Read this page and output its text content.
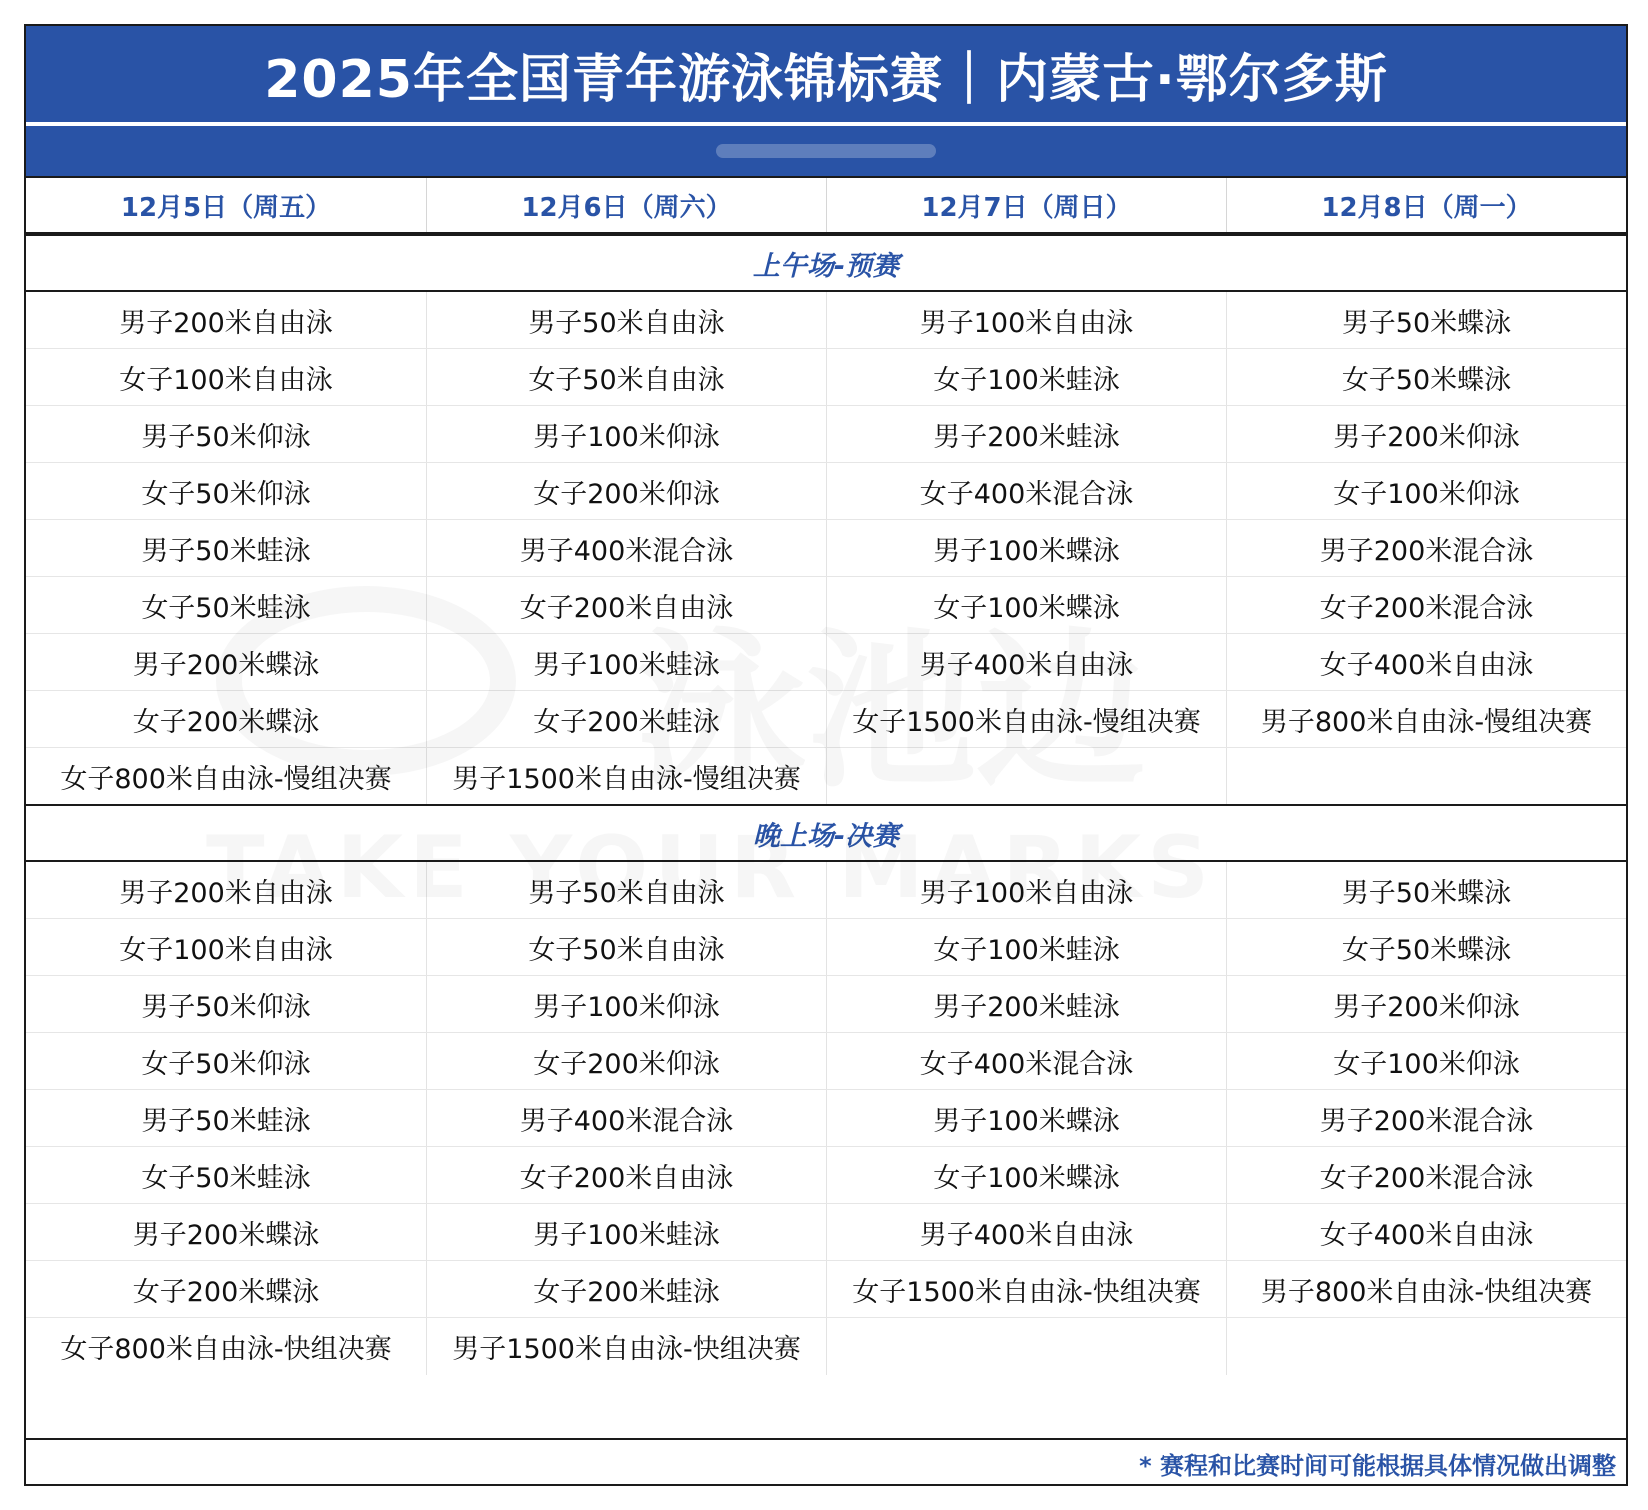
2025年全国青年游泳锦标赛｜内蒙古·鄂尔多斯
12月5日（周五）	12月6日（周六）	12月7日（周日）	12月8日（周一）
上午场-预赛
男子200米自由泳	男子50米自由泳	男子100米自由泳	男子50米蝶泳
女子100米自由泳	女子50米自由泳	女子100米蛙泳	女子50米蝶泳
男子50米仰泳	男子100米仰泳	男子200米蛙泳	男子200米仰泳
女子50米仰泳	女子200米仰泳	女子400米混合泳	女子100米仰泳
男子50米蛙泳	男子400米混合泳	男子100米蝶泳	男子200米混合泳
女子50米蛙泳	女子200米自由泳	女子100米蝶泳	女子200米混合泳
男子200米蝶泳	男子100米蛙泳	男子400米自由泳	女子400米自由泳
女子200米蝶泳	女子200米蛙泳	女子1500米自由泳-慢组决赛	男子800米自由泳-慢组决赛
女子800米自由泳-慢组决赛	男子1500米自由泳-慢组决赛
晚上场-决赛
男子200米自由泳	男子50米自由泳	男子100米自由泳	男子50米蝶泳
女子100米自由泳	女子50米自由泳	女子100米蛙泳	女子50米蝶泳
男子50米仰泳	男子100米仰泳	男子200米蛙泳	男子200米仰泳
女子50米仰泳	女子200米仰泳	女子400米混合泳	女子100米仰泳
男子50米蛙泳	男子400米混合泳	男子100米蝶泳	男子200米混合泳
女子50米蛙泳	女子200米自由泳	女子100米蝶泳	女子200米混合泳
男子200米蝶泳	男子100米蛙泳	男子400米自由泳	女子400米自由泳
女子200米蝶泳	女子200米蛙泳	女子1500米自由泳-快组决赛	男子800米自由泳-快组决赛
女子800米自由泳-快组决赛	男子1500米自由泳-快组决赛
* 赛程和比赛时间可能根据具体情况做出调整
